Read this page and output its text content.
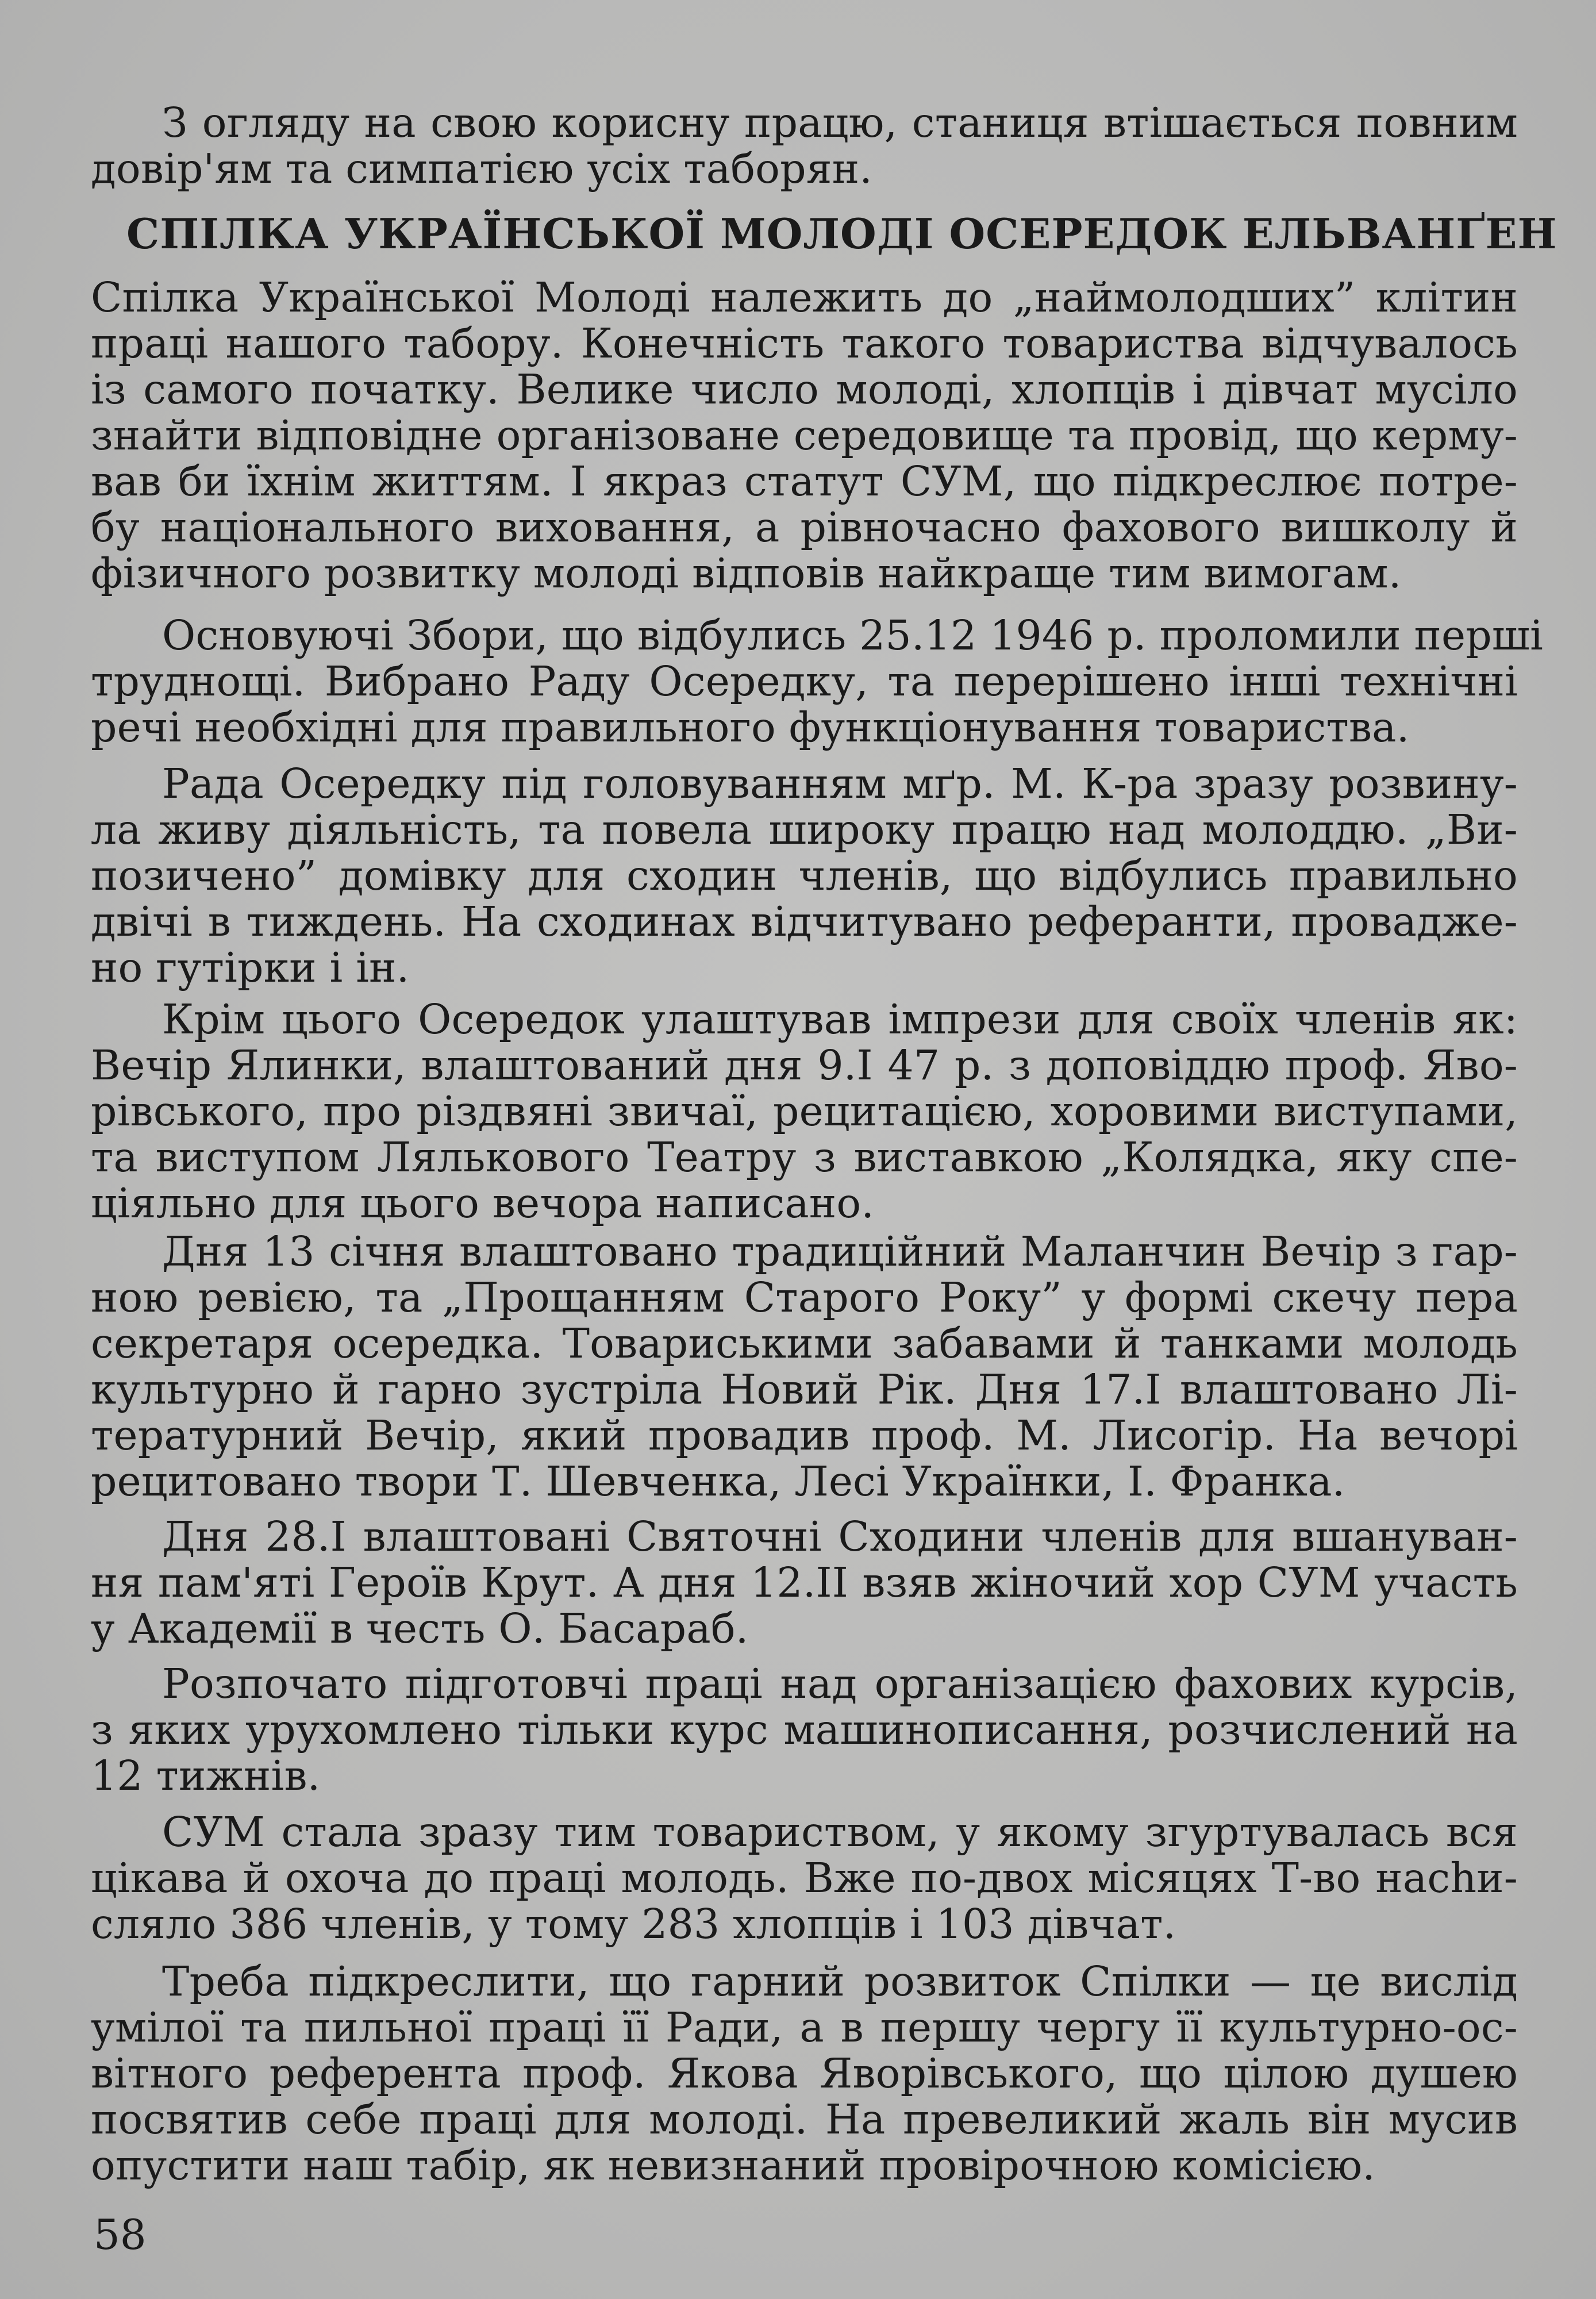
З огляду на свою корисну працю, станиця втішається повним
довір'ям та симпатією усіх таборян.
СПІЛКА УКРАЇНСЬКОЇ МОЛОДІ ОСЕРЕДОК ЕЛЬВАНҐЕН
Спілка Української Молоді належить до „наймолодших” клітин
праці нашого табору. Конечність такого товариства відчувалось
із самого початку. Велике число молоді, хлопців і дівчат мусіло
знайти відповідне організоване середовище та провід, що керму-
вав би їхнім життям. І якраз статут СУМ, що підкреслює потре-
бу національного виховання, а рівночасно фахового вишколу й
фізичного розвитку молоді відповів найкраще тим вимогам.
Основуючі Збори, що відбулись 25.12 1946 р. проломили перші
труднощі. Вибрано Раду Осередку, та перерішено інші технічні
речі необхідні для правильного функціонування товариства.
Рада Осередку під головуванням мґр. М. К-ра зразу розвину-
ла живу діяльність, та повела широку працю над молоддю. „Ви-
позичено” домівку для сходин членів, що відбулись правильно
двічі в тиждень. На сходинах відчитувано реферанти, проваджe-
но гутірки і ін.
Крім цього Осередок улаштував імпрези для своїх членів як:
Вечір Ялинки, влаштований дня 9.І 47 р. з доповіддю проф. Яво-
рівського, про різдвяні звичаї, рецитацією, хоровими виступами,
та виступом Лялькового Театру з виставкою „Колядка, яку спе-
ціяльно для цього вечора написано.
Дня 13 січня влаштовано традиційний Маланчин Вечір з гар-
ною ревією, та „Прощанням Старого Року” у формі скечу пера
секретаря осередка. Товариськими забавами й танками молодь
культурно й гарно зустріла Новий Рік. Дня 17.І влаштовано Лі-
тературний Вечір, який провадив проф. М. Лисогір. На вечорі
рецитовано твори Т. Шевченка, Лесі Українки, І. Франка.
Дня 28.І влаштовані Святочні Сходини членів для вшануван-
ня пам'яті Героїв Крут. А дня 12.ІІ взяв жіночий хор СУМ участь
у Академії в честь О. Басараб.
Розпочато підготовчі праці над організацією фахових курсів,
з яких урухомлено тільки курс машинописання, розчислений на
12 тижнів.
СУМ стала зразу тим товариством, у якому згуртувалась вся
цікава й охоча до праці молодь. Вже по-двох місяцях Т-во нachи-
сляло 386 членів, у тому 283 хлопців і 103 дівчат.
Треба підкреслити, що гарний розвиток Спілки — це вислід
умілої та пильної праці її Ради, а в першу чергу її культурно-ос-
вітного референта проф. Якова Яворівського, що цілою душею
посвятив себе праці для молоді. На превеликий жаль він мусив
опустити наш табір, як невизнаний провірочною комісією.
58
